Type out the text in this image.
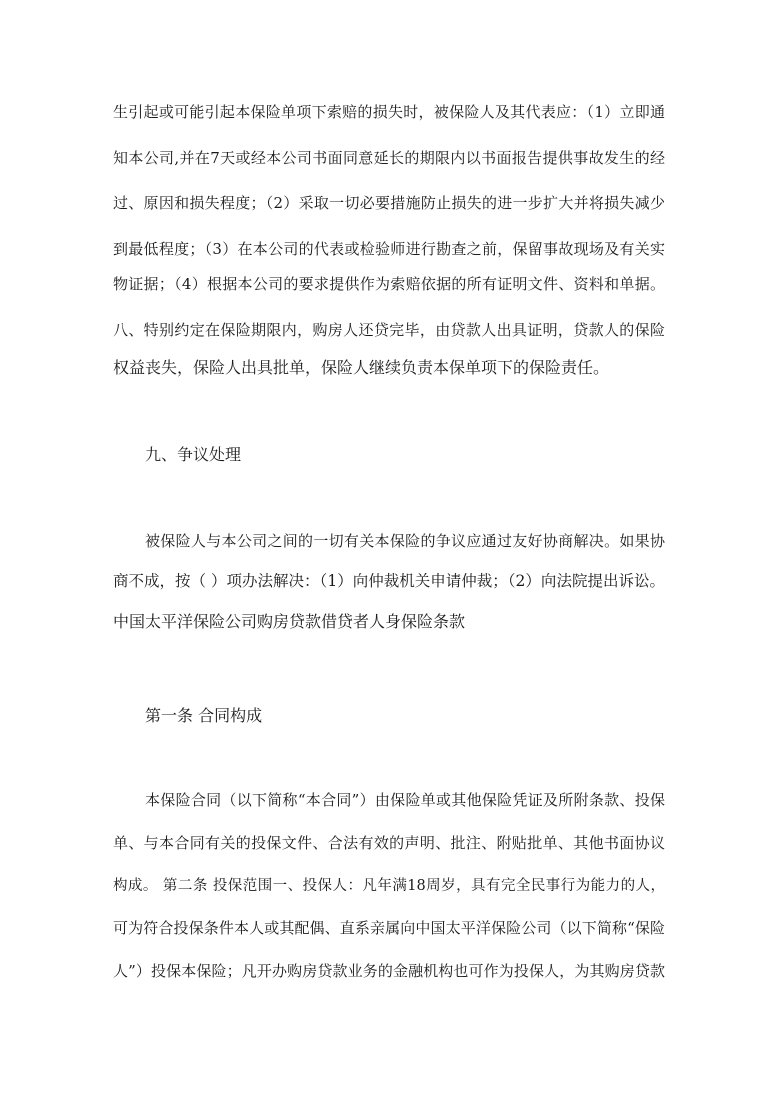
生引起或可能引起本保险单项下索赔的损失时，被保险人及其代表应：（1）立即通
知本公司,并在7天或经本公司书面同意延长的期限内以书面报告提供事故发生的经
过、原因和损失程度；（2）采取一切必要措施防止损失的进一步扩大并将损失减少
到最低程度；（3）在本公司的代表或检验师进行勘查之前，保留事故现场及有关实
物证据；（4）根据本公司的要求提供作为索赔依据的所有证明文件、资料和单据。
八、特别约定在保险期限内，购房人还贷完毕，由贷款人出具证明，贷款人的保险
权益丧失，保险人出具批单，保险人继续负责本保单项下的保险责任。
九、争议处理
被保险人与本公司之间的一切有关本保险的争议应通过友好协商解决。如果协
商不成，按（ ）项办法解决：（1）向仲裁机关申请仲裁；（2）向法院提出诉讼。
中国太平洋保险公司购房贷款借贷者人身保险条款
第一条 合同构成
本保险合同（以下简称“本合同”）由保险单或其他保险凭证及所附条款、投保
单、与本合同有关的投保文件、合法有效的声明、批注、附贴批单、其他书面协议
构成。 第二条 投保范围一、投保人：凡年满18周岁，具有完全民事行为能力的人，
可为符合投保条件本人或其配偶、直系亲属向中国太平洋保险公司（以下简称“保险
人”）投保本保险；凡开办购房贷款业务的金融机构也可作为投保人，为其购房贷款
